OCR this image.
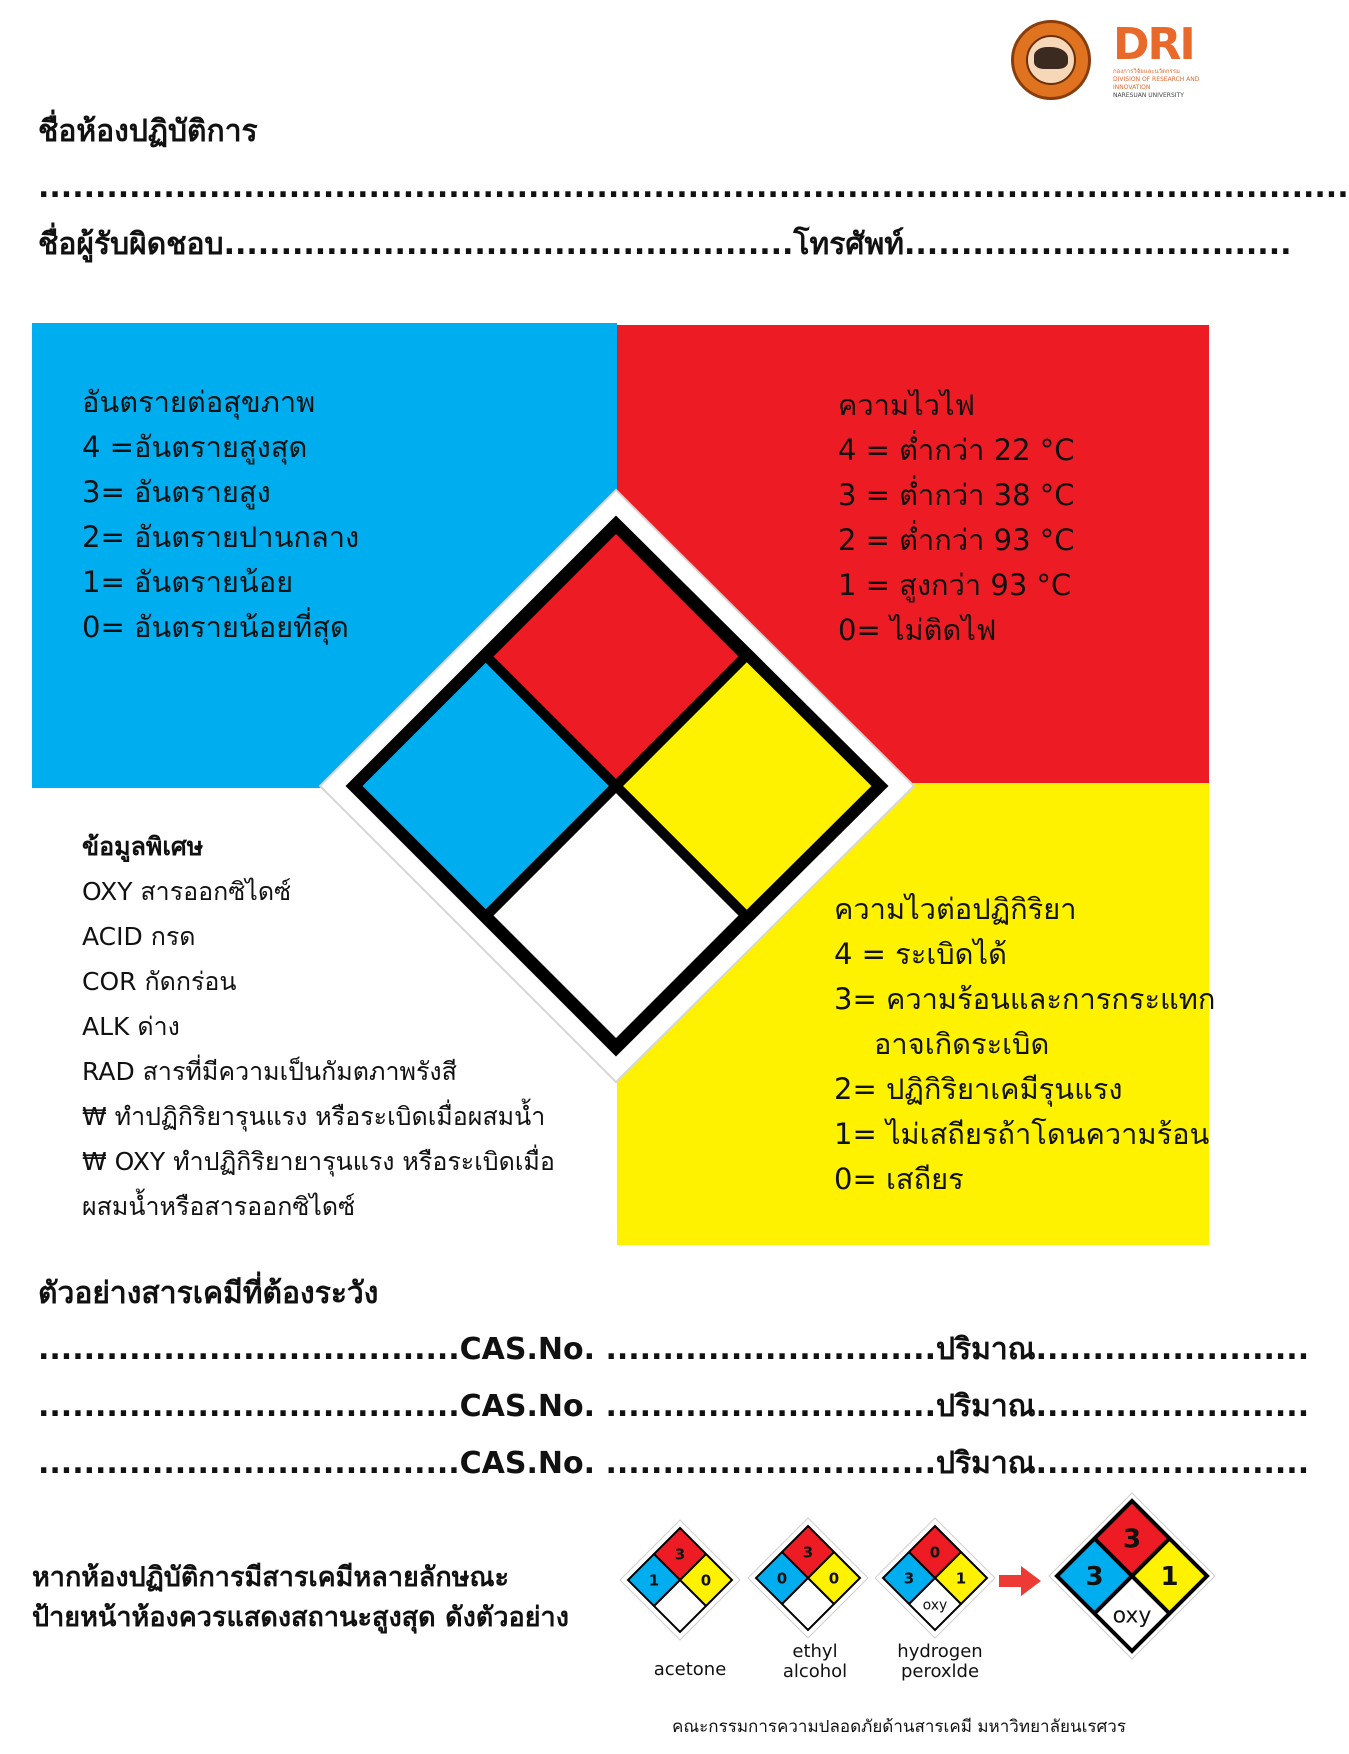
DRI
กองการวิจัยและนวัตกรรม
DIVISION OF RESEARCH AND INNOVATION
NARESUAN UNIVERSITY
ชื่อห้องปฏิบัติการ
...................................................................................................................
ชื่อผู้รับผิดชอบ..................................................โทรศัพท์..................................
อันตรายต่อสุขภาพ
4 =อันตรายสูงสุด
3= อันตรายสูง
2= อันตรายปานกลาง
1= อันตรายน้อย
0= อันตรายน้อยที่สุด
ความไวไฟ
4 = ต่ำกว่า 22 °C
3 = ต่ำกว่า 38 °C
2 = ต่ำกว่า 93 °C
1 = สูงกว่า 93 °C
0= ไม่ติดไฟ
ความไวต่อปฏิกิริยา
4 = ระเบิดได้
3= ความร้อนและการกระแทก
อาจเกิดระเบิด
2= ปฏิกิริยาเคมีรุนแรง
1= ไม่เสถียรถ้าโดนความร้อน
0= เสถียร
ข้อมูลพิเศษ
OXY สารออกซิไดซ์
ACID กรด
COR กัดกร่อน
ALK ด่าง
RAD สารที่มีความเป็นกัมตภาพรังสี
₩ ทำปฏิกิริยารุนแรง หรือระเบิดเมื่อผสมน้ำ
₩ OXY ทำปฏิกิริยายารุนแรง หรือระเบิดเมื่อ
ผสมน้ำหรือสารออกซิไดซ์
ตัวอย่างสารเคมีที่ต้องระวัง
.....................................CAS.No. .............................ปริมาณ........................
.....................................CAS.No. .............................ปริมาณ........................
.....................................CAS.No. .............................ปริมาณ........................
หากห้องปฏิบัติการมีสารเคมีหลายลักษณะ
ป้ายหน้าห้องควรแสดงสถานะสูงสุด ดังตัวอย่าง
3
1	0
3
0	0
0
3	1
oxy
3
3 1
oxy
acetone
ethyl
alcohol
hydrogen
peroxlde
คณะกรรมการความปลอดภัยด้านสารเคมี มหาวิทยาลัยนเรศวร
